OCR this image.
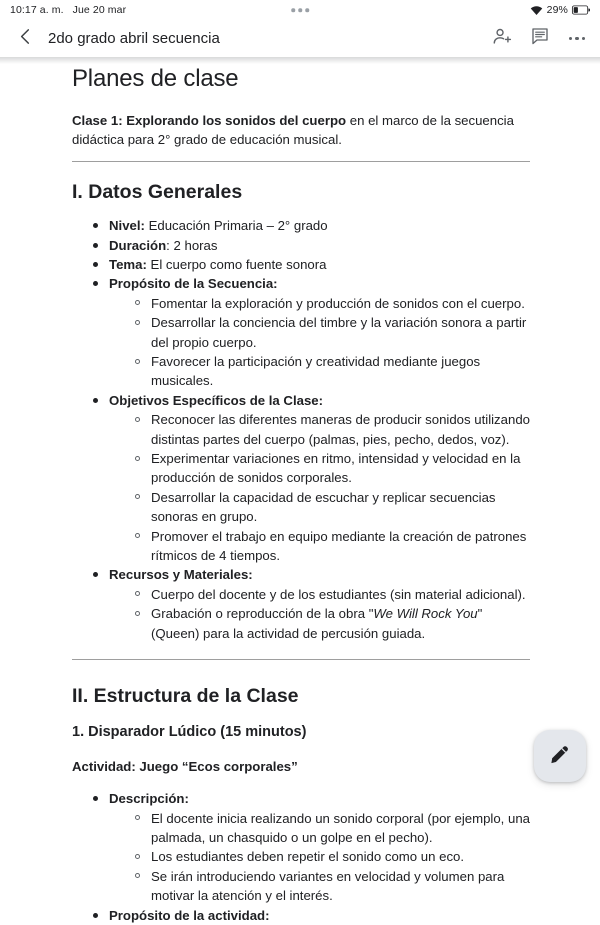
10:17 a. m. Jue 20 mar	29%
2do grado abril secuencia
Planes de clase

Clase 1: Explorando los sonidos del cuerpo en el marco de la secuencia didáctica para 2° grado de educación musical.

I. Datos Generales
Nivel: Educación Primaria – 2° grado
Duración: 2 horas
Tema: El cuerpo como fuente sonora
Propósito de la Secuencia:
Fomentar la exploración y producción de sonidos con el cuerpo.
Desarrollar la conciencia del timbre y la variación sonora a partir del propio cuerpo.
Favorecer la participación y creatividad mediante juegos musicales.
Objetivos Específicos de la Clase:
Reconocer las diferentes maneras de producir sonidos utilizando distintas partes del cuerpo (palmas, pies, pecho, dedos, voz).
Experimentar variaciones en ritmo, intensidad y velocidad en la producción de sonidos corporales.
Desarrollar la capacidad de escuchar y replicar secuencias sonoras en grupo.
Promover el trabajo en equipo mediante la creación de patrones rítmicos de 4 tiempos.
Recursos y Materiales:
Cuerpo del docente y de los estudiantes (sin material adicional).
Grabación o reproducción de la obra "We Will Rock You" (Queen) para la actividad de percusión guiada.
II. Estructura de la Clase
1. Disparador Lúdico (15 minutos)

Actividad: Juego “Ecos corporales”

Descripción:
El docente inicia realizando un sonido corporal (por ejemplo, una palmada, un chasquido o un golpe en el pecho).
Los estudiantes deben repetir el sonido como un eco.
Se irán introduciendo variantes en velocidad y volumen para motivar la atención y el interés.
Propósito de la actividad:
